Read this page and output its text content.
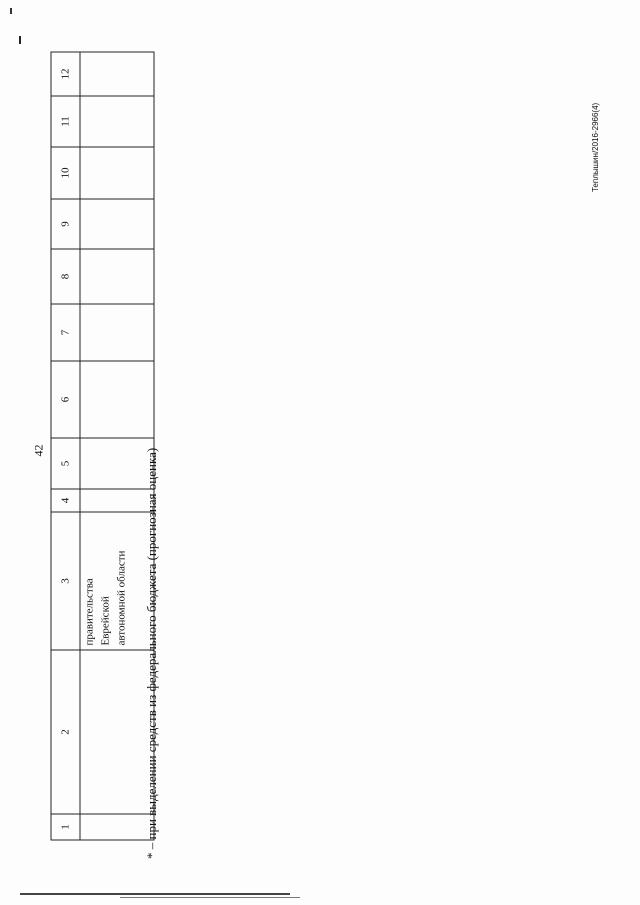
42
1	2	3	4	5	6	7	8	9	10	11	12

		правительства Еврейской автономной области									
										* – при выделении средств из федерального бюджета (прогнозная оценка)
Теплышин/2016-2966(4)
